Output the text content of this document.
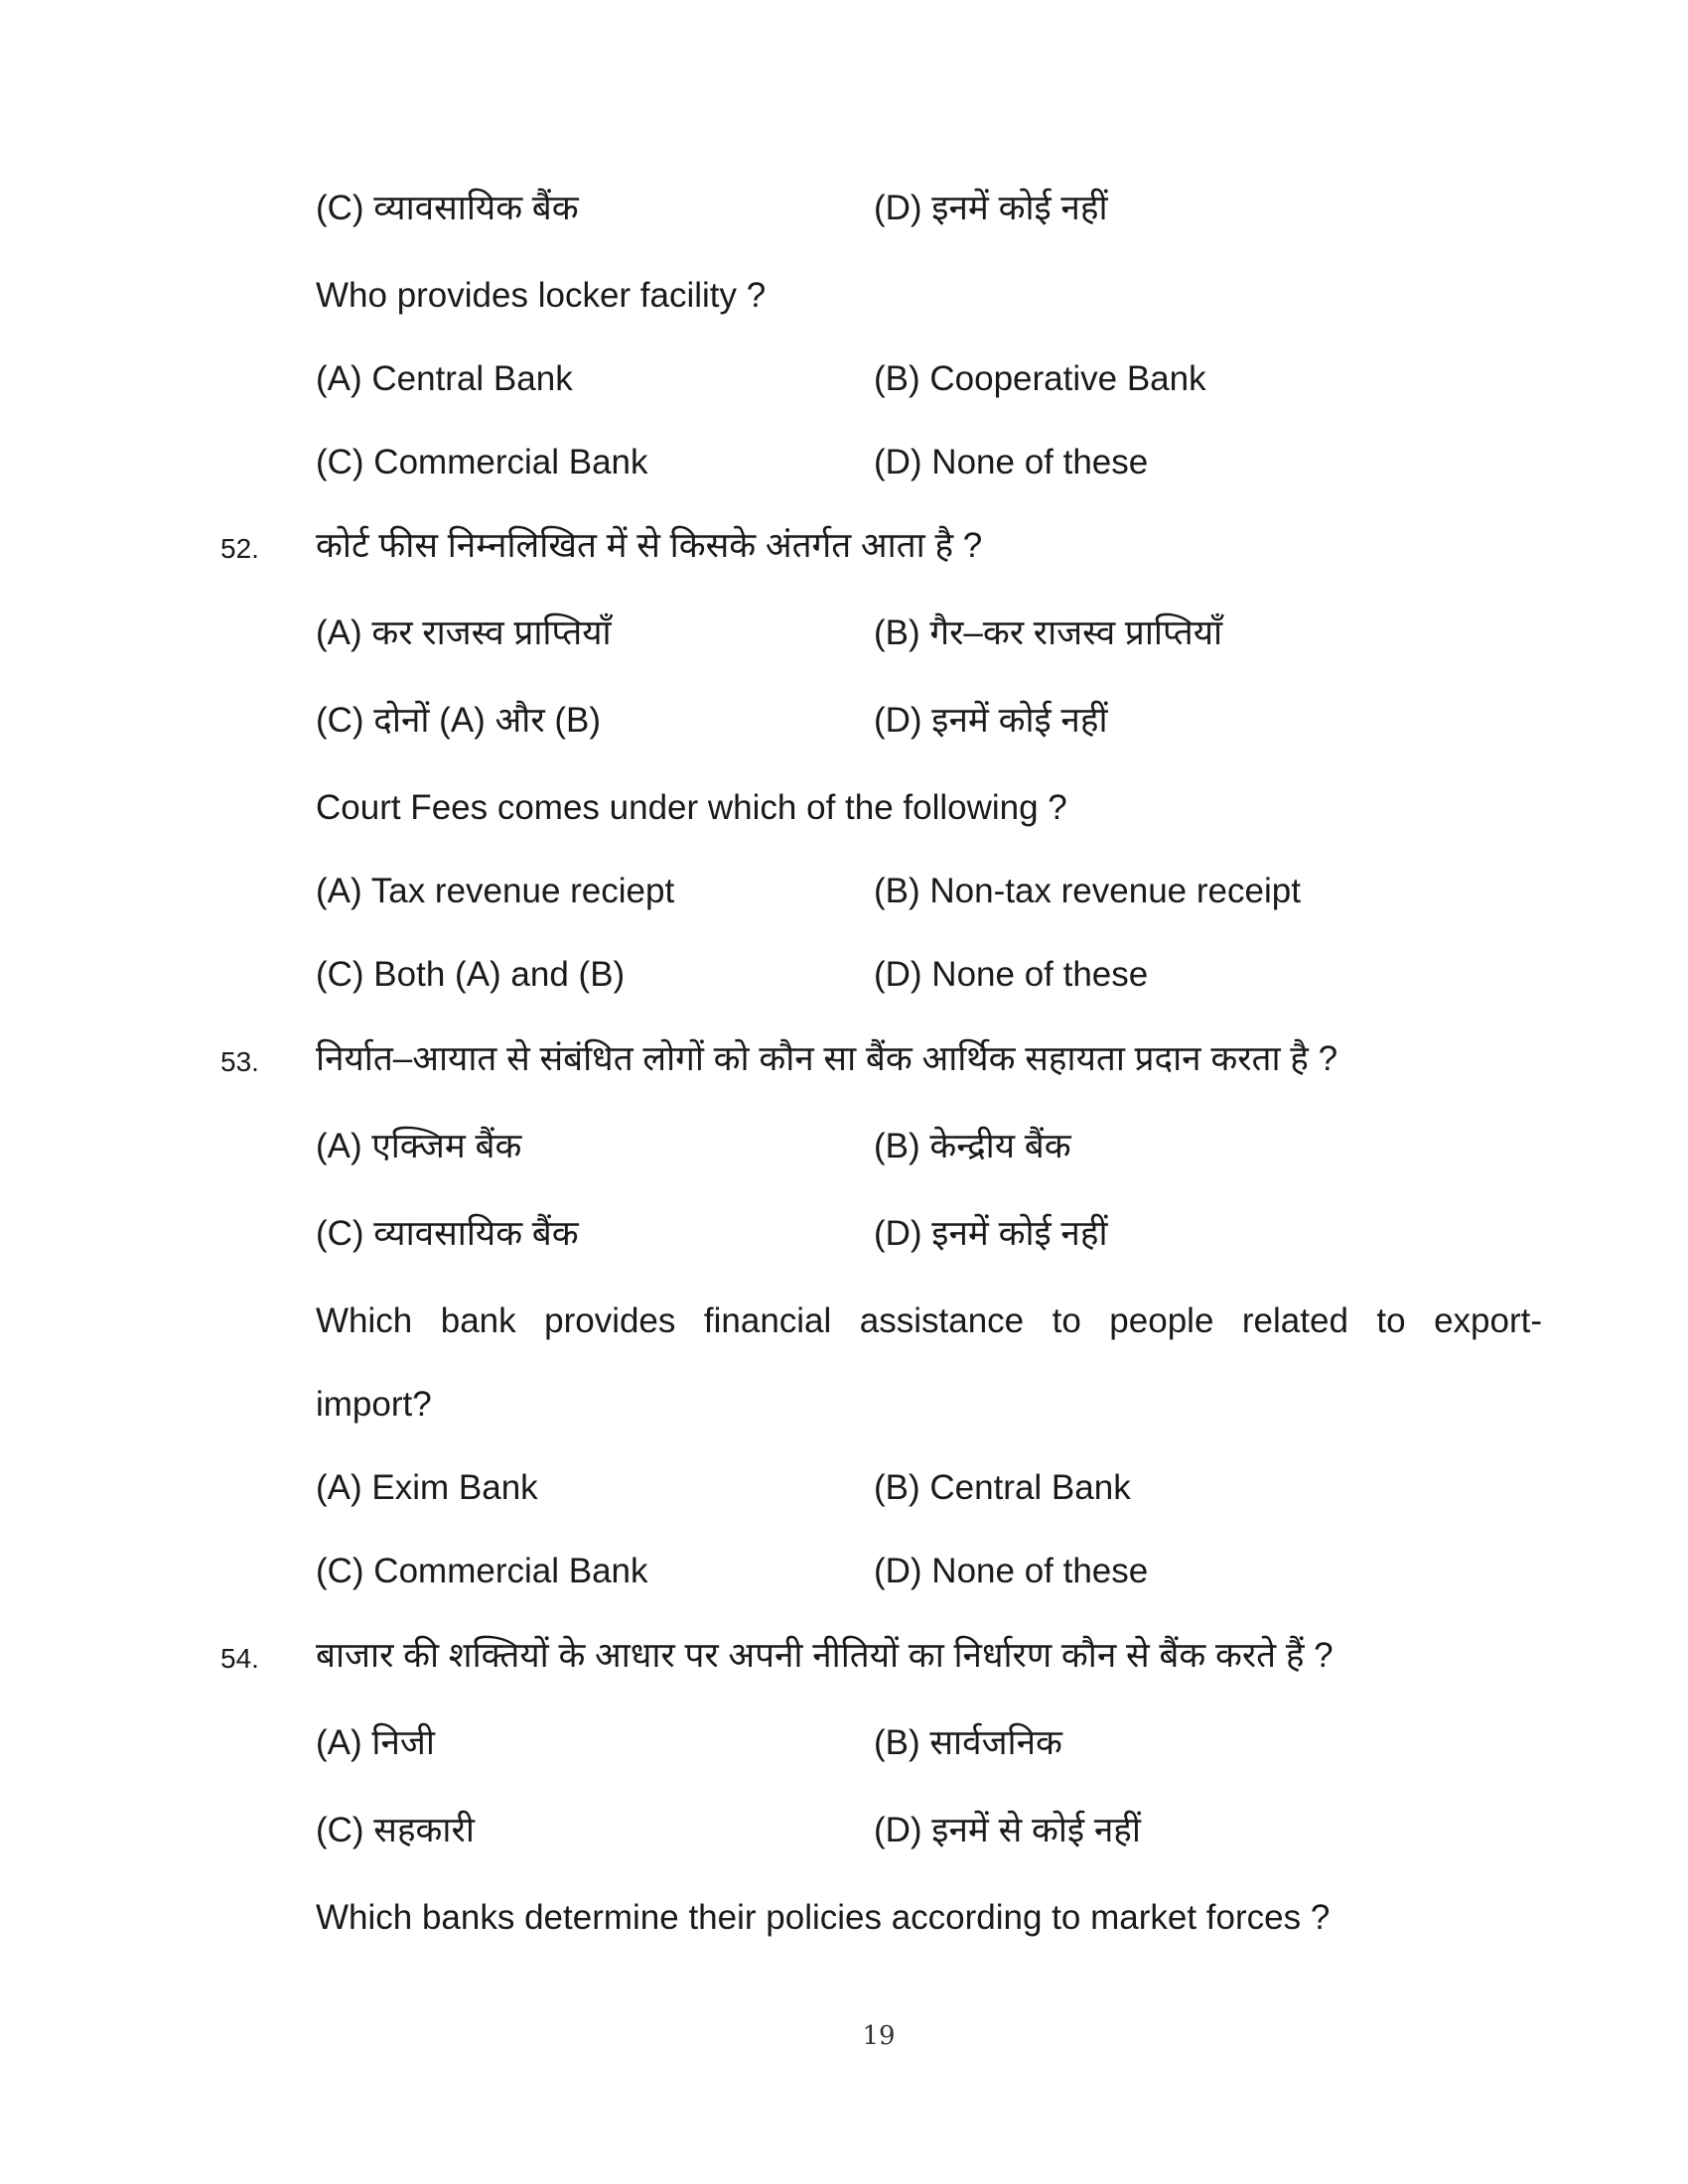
(C) व्यावसायिक बैंक	(D) इनमें कोई नहीं
Who provides locker facility ?
(A) Central Bank	(B) Cooperative Bank
(C) Commercial Bank	(D) None of these
52. कोर्ट फीस निम्नलिखित में से किसके अंतर्गत आता है ?
(A) कर राजस्व प्राप्तियाँ	(B) गैर–कर राजस्व प्राप्तियाँ
(C) दोनों (A) और (B)	(D) इनमें कोई नहीं
Court Fees comes under which of the following ?
(A) Tax revenue reciept	(B) Non-tax revenue receipt
(C) Both (A) and (B)	(D) None of these
53. निर्यात–आयात से संबंधित लोगों को कौन सा बैंक आर्थिक सहायता प्रदान करता है ?
(A) एक्जिम बैंक	(B) केन्द्रीय बैंक
(C) व्यावसायिक बैंक	(D) इनमें कोई नहीं
Which bank provides financial assistance to people related to export-
import?
(A) Exim Bank	(B) Central Bank
(C) Commercial Bank	(D) None of these
54. बाजार की शक्तियों के आधार पर अपनी नीतियों का निर्धारण कौन से बैंक करते हैं ?
(A) निजी	(B) सार्वजनिक
(C) सहकारी	(D) इनमें से कोई नहीं
Which banks determine their policies according to market forces ?
19
